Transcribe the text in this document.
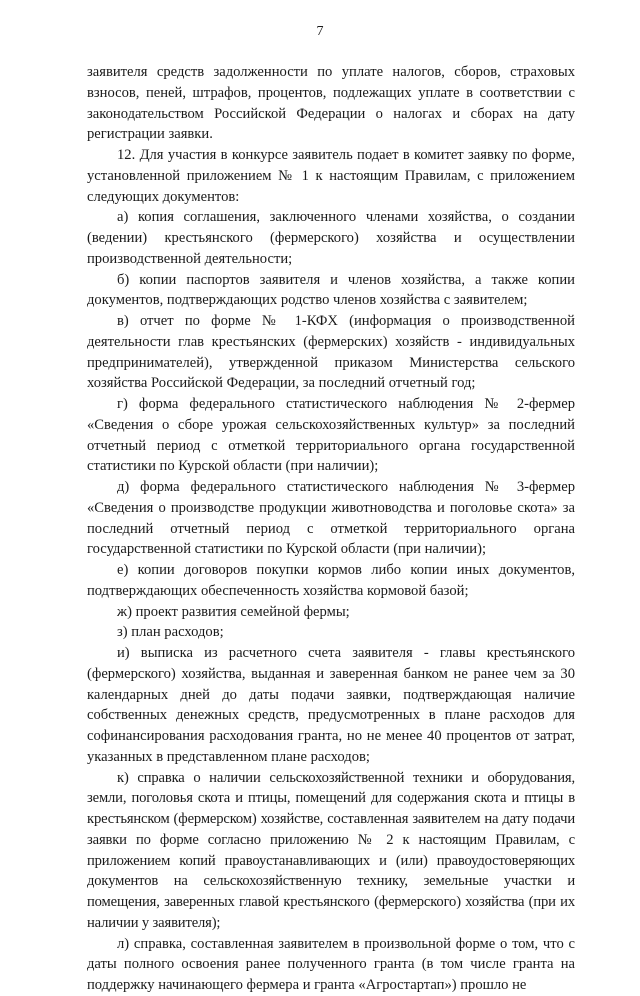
7

заявителя средств задолженности по уплате налогов, сборов, страховых взносов, пеней, штрафов, процентов, подлежащих уплате в соответствии с законодательством Российской Федерации о налогах и сборах на дату регистрации заявки.

12. Для участия в конкурсе заявитель подает в комитет заявку по форме, установленной приложением № 1 к настоящим Правилам, с приложением следующих документов:

а) копия соглашения, заключенного членами хозяйства, о создании (ведении) крестьянского (фермерского) хозяйства и осуществлении производственной деятельности;

б) копии паспортов заявителя и членов хозяйства, а также копии документов, подтверждающих родство членов хозяйства с заявителем;

в) отчет по форме № 1-КФХ (информация о производственной деятельности глав крестьянских (фермерских) хозяйств - индивидуальных предпринимателей), утвержденной приказом Министерства сельского хозяйства Российской Федерации, за последний отчетный год;

г) форма федерального статистического наблюдения № 2-фермер «Сведения о сборе урожая сельскохозяйственных культур» за последний отчетный период с отметкой территориального органа государственной статистики по Курской области (при наличии);

д) форма федерального статистического наблюдения № 3-фермер «Сведения о производстве продукции животноводства и поголовье скота» за последний отчетный период с отметкой территориального органа государственной статистики по Курской области (при наличии);

е) копии договоров покупки кормов либо копии иных документов, подтверждающих обеспеченность хозяйства кормовой базой;

ж) проект развития семейной фермы;

з) план расходов;

и) выписка из расчетного счета заявителя - главы крестьянского (фермерского) хозяйства, выданная и заверенная банком не ранее чем за 30 календарных дней до даты подачи заявки, подтверждающая наличие собственных денежных средств, предусмотренных в плане расходов для софинансирования расходования гранта, но не менее 40 процентов от затрат, указанных в представленном плане расходов;

к) справка о наличии сельскохозяйственной техники и оборудования, земли, поголовья скота и птицы, помещений для содержания скота и птицы в крестьянском (фермерском) хозяйстве, составленная заявителем на дату подачи заявки по форме согласно приложению № 2 к настоящим Правилам, с приложением копий правоустанавливающих и (или) правоудостоверяющих документов на сельскохозяйственную технику, земельные участки и помещения, заверенных главой крестьянского (фермерского) хозяйства (при их наличии у заявителя);

л) справка, составленная заявителем в произвольной форме о том, что с даты полного освоения ранее полученного гранта (в том числе гранта на поддержку начинающего фермера и гранта «Агростартап») прошло не
